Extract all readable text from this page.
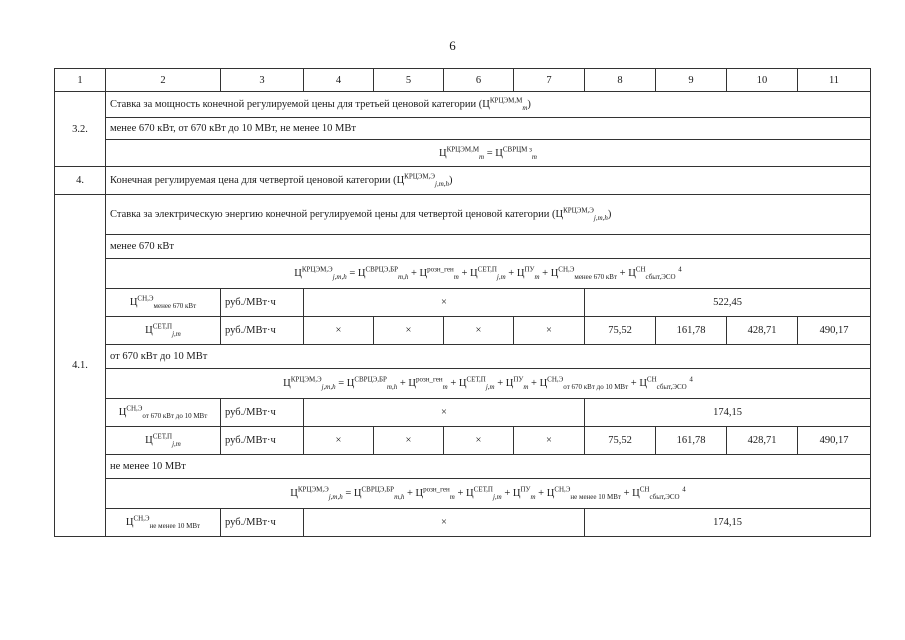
6
1	2	3	4	5	6	7	8	9	10	11
3.2.	Ставка за мощность конечной регулируемой цены для третьей ценовой категории $(Ц^{КРЦЭМ,М}_m)$									
	менее 670 кВт, от 670 кВт до 10 МВт, не менее 10 МВт									
	$Ц^{КРЦЭМ,М}_m = Ц^{СВРЦМ з}_m$
4.	Конечная регулируемая цена для четвертой ценовой категории $(Ц^{КРЦЭМ,Э}_{j,m,h})$									
4.1.	Ставка за электрическую энергию конечной регулируемой цены для четвертой ценовой категории $(Ц^{КРЦЭМ,Э}_{j,m,h})$									
	менее 670 кВт									
	$Ц^{КРЦЭМ,Э}_{j,m,h} = Ц^{СВРЦЭ,БР}_{m,h} + Ц^{розн\_ген}_m + Ц^{СЕТ,П}_{j,m} + Ц^{ПУ}_m + Ц^{СН,Э}_{менее 670 кВт} + Ц^{СН}_{сбыт,ЭСО}$ $^4$
	$Ц^{СН,Э}_{менее 670 кВт}$	руб./МВт·ч	×				522,45			
	$Ц^{СЕТ,П}_{j,m}$	руб./МВт·ч	×	×	×	×	75,52	161,78	428,71	490,17
	от 670 кВт до 10 МВт									
	$Ц^{КРЦЭМ,Э}_{j,m,h} = Ц^{СВРЦЭ,БР}_{m,h} + Ц^{розн\_ген}_m + Ц^{СЕТ,П}_{j,m} + Ц^{ПУ}_m + Ц^{СН,Э}_{от 670 кВт до 10 МВт} + Ц^{СН}_{сбыт,ЭСО}$ $^4$
	$Ц^{СН,Э}_{от 670 кВт до 10 МВт}$	руб./МВт·ч	×				174,15			
	$Ц^{СЕТ,П}_{j,m}$	руб./МВт·ч	×	×	×	×	75,52	161,78	428,71	490,17
	не менее 10 МВт									
	$Ц^{КРЦЭМ,Э}_{j,m,h} = Ц^{СВРЦЭ,БР}_{m,h} + Ц^{розн\_ген}_m + Ц^{СЕТ,П}_{j,m} + Ц^{ПУ}_m + Ц^{СН,Э}_{не менее 10 МВт} + Ц^{СН}_{сбыт,ЭСО}$ $^4$
	$Ц^{СН,Э}_{не менее 10 МВт}$	руб./МВт·ч	×				174,15			
